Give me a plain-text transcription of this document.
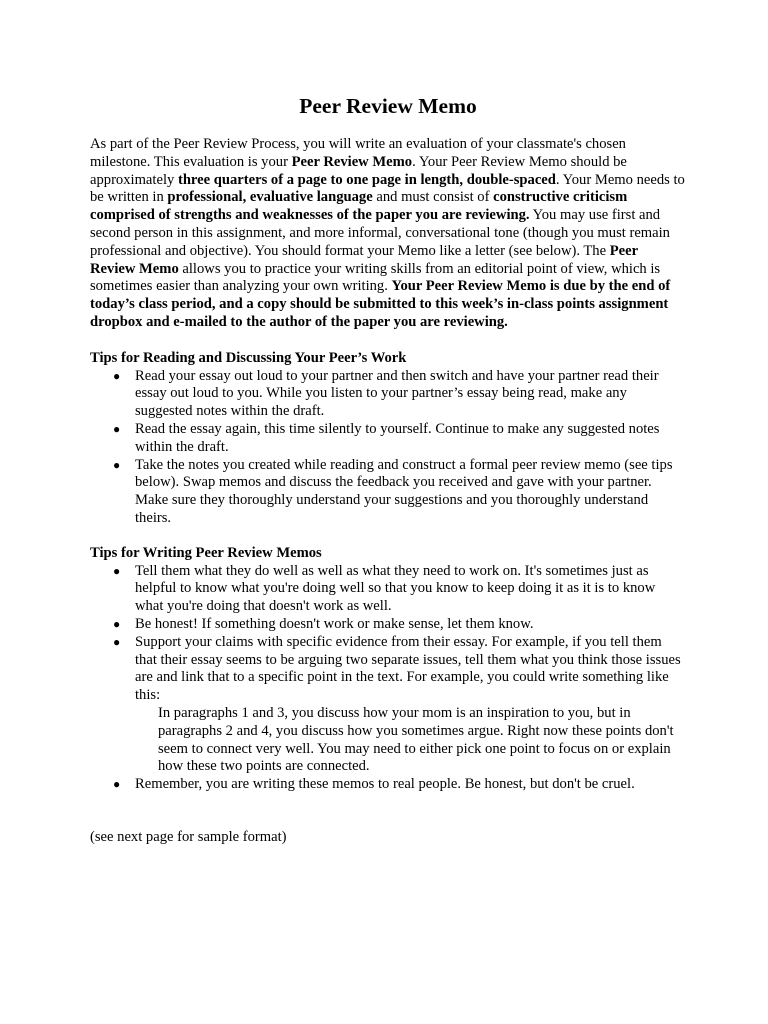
Peer Review Memo

As part of the Peer Review Process, you will write an evaluation of your classmate's chosen milestone. This evaluation is your Peer Review Memo. Your Peer Review Memo should be approximately three quarters of a page to one page in length, double-spaced. Your Memo needs to be written in professional, evaluative language and must consist of constructive criticism comprised of strengths and weaknesses of the paper you are reviewing. You may use first and second person in this assignment, and more informal, conversational tone (though you must remain professional and objective). You should format your Memo like a letter (see below). The Peer Review Memo allows you to practice your writing skills from an editorial point of view, which is sometimes easier than analyzing your own writing. Your Peer Review Memo is due by the end of today’s class period, and a copy should be submitted to this week’s in-class points assignment dropbox and e-mailed to the author of the paper you are reviewing.

Tips for Reading and Discussing Your Peer’s Work

● Read your essay out loud to your partner and then switch and have your partner read their essay out loud to you. While you listen to your partner’s essay being read, make any suggested notes within the draft.
● Read the essay again, this time silently to yourself. Continue to make any suggested notes within the draft.
● Take the notes you created while reading and construct a formal peer review memo (see tips below). Swap memos and discuss the feedback you received and gave with your partner. Make sure they thoroughly understand your suggestions and you thoroughly understand theirs.

Tips for Writing Peer Review Memos

● Tell them what they do well as well as what they need to work on. It's sometimes just as helpful to know what you're doing well so that you know to keep doing it as it is to know what you're doing that doesn't work as well.
● Be honest! If something doesn't work or make sense, let them know.
● Support your claims with specific evidence from their essay. For example, if you tell them that their essay seems to be arguing two separate issues, tell them what you think those issues are and link that to a specific point in the text. For example, you could write something like this:

In paragraphs 1 and 3, you discuss how your mom is an inspiration to you, but in paragraphs 2 and 4, you discuss how you sometimes argue. Right now these points don't seem to connect very well. You may need to either pick one point to focus on or explain how these two points are connected.

● Remember, you are writing these memos to real people. Be honest, but don't be cruel.

(see next page for sample format)
